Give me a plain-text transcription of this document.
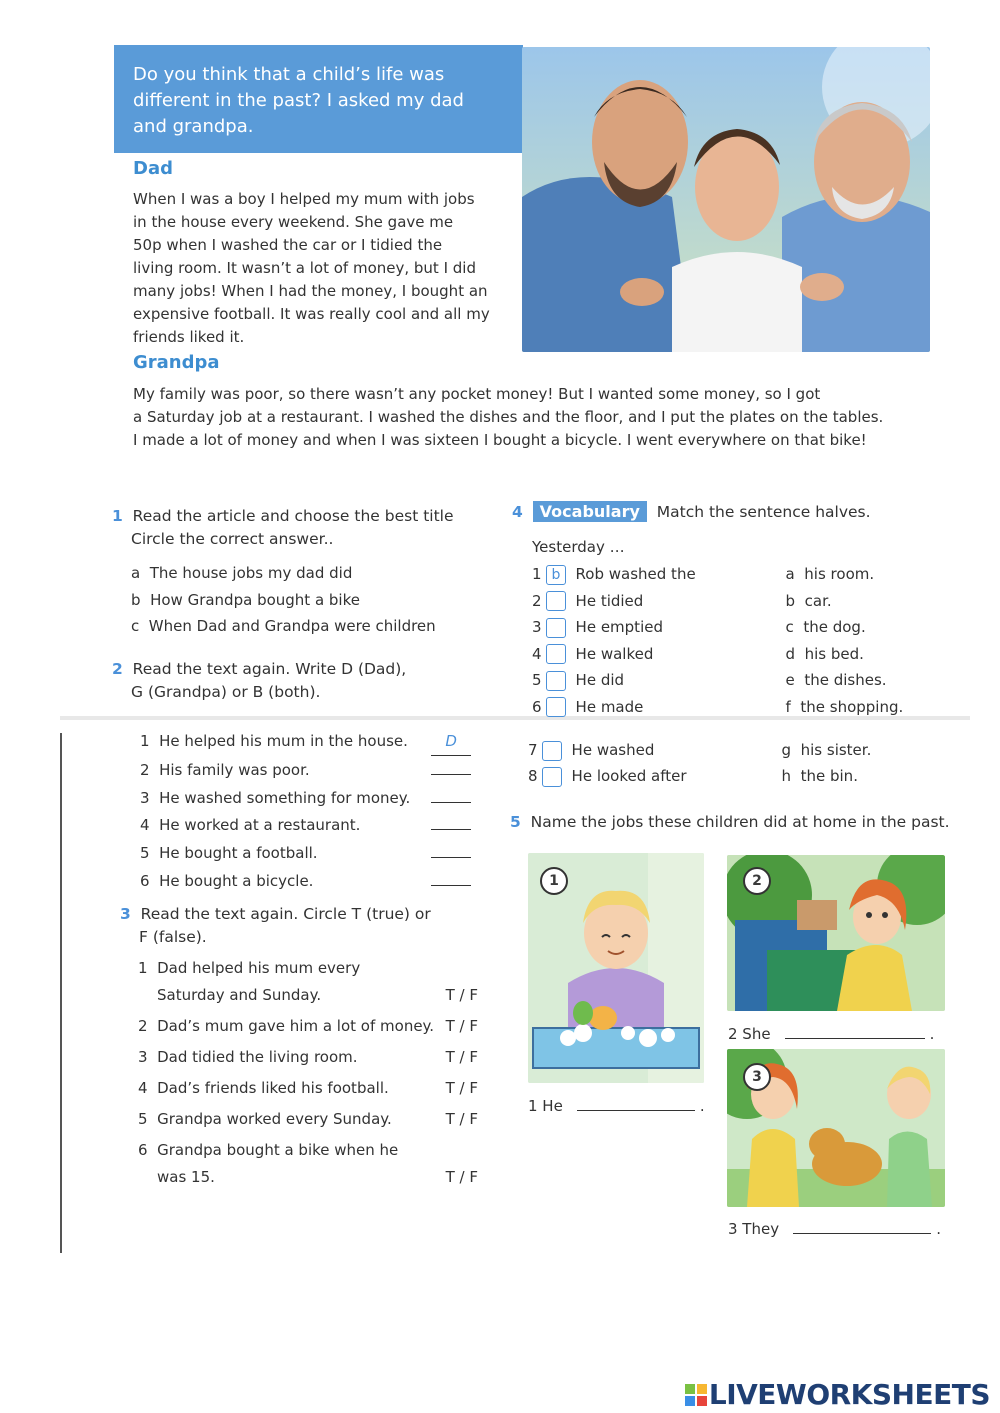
Do you think that a child’s life was different in the past? I asked my dad and grandpa.
Dad
When I was a boy I helped my mum with jobs
in the house every weekend. She gave me
50p when I washed the car or I tidied the
living room. It wasn’t a lot of money, but I did
many jobs! When I had the money, I bought an
expensive football. It was really cool and all my
friends liked it.
Grandpa
My family was poor, so there wasn’t any pocket money! But I wanted some money, so I got
a Saturday job at a restaurant. I washed the dishes and the floor, and I put the plates on the tables.
I made a lot of money and when I was sixteen I bought a bicycle. I went everywhere on that bike!
1 Read the article and choose the best title
Circle the correct answer..
a The house jobs my dad did
b How Grandpa bought a bike
c When Dad and Grandpa were children
2 Read the text again. Write D (Dad),
G (Grandpa) or B (both).
1 He helped his mum in the house. D
2 His family was poor.
3 He washed something for money.
4 He worked at a restaurant.
5 He bought a football.
6 He bought a bicycle.
3 Read the text again. Circle T (true) or
F (false).
1 Dad helped his mum every
Saturday and Sunday.	T / F
2 Dad’s mum gave him a lot of money. T / F
3 Dad tidied the living room.	T / F
4 Dad’s friends liked his football.	T / F
5 Grandpa worked every Sunday.	T / F
6 Grandpa bought a bike when he
was 15.	T / F
4 Vocabulary Match the sentence halves.
Yesterday …
1 b Rob washed the	a his room.
2 He tidied	b car.
3 He emptied	c the dog.
4 He walked	d his bed.
5 He did	e the dishes.
6 He made	f the shopping.
7 He washed	g his sister.
8 He looked after	h the bin.
5 Name the jobs these children did at home in the past.
1
1 He	.
2
2 She	.
3
3 They	.
LIVEWORKSHEETS
